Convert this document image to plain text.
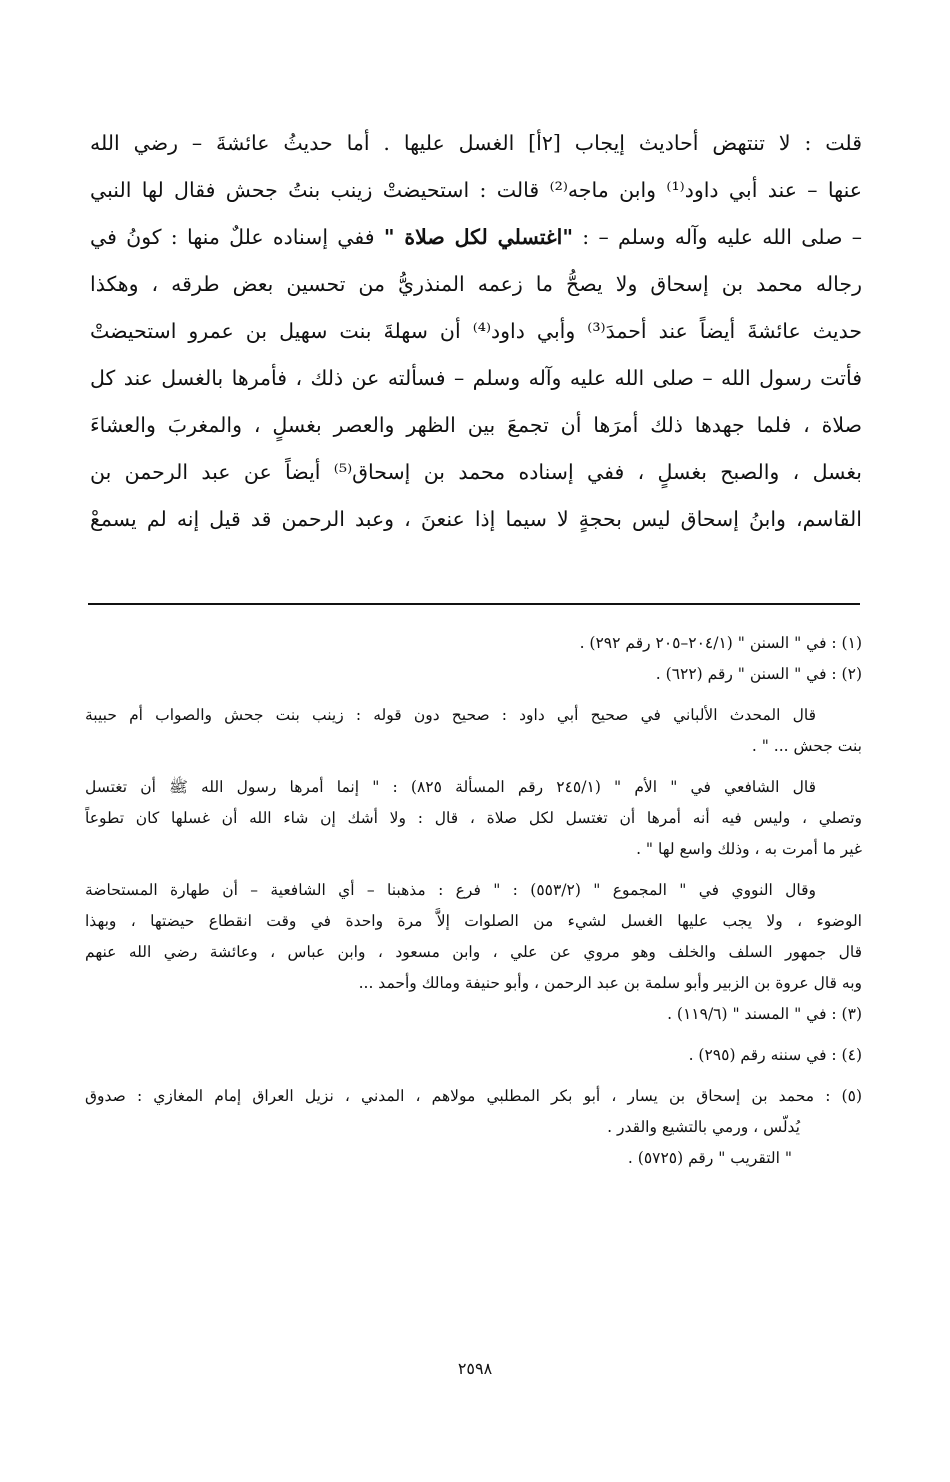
قلت : لا تنتهض أحاديث إيجاب [٢أ] الغسل عليها . أما حديثُ عائشةَ – رضي الله
عنها – عند أبي داود⁽¹⁾ وابن ماجه⁽²⁾ قالت : استحيضتْ زينب بنتُ جحش فقال لها النبي
– صلى الله عليه وآله وسلم – : "اغتسلي لكل صلاة " ففي إسناده عللٌ منها : كونُ في
رجاله محمد بن إسحاق ولا يصحُّ ما زعمه المنذريُّ من تحسين بعض طرقه ، وهكذا
حديث عائشةَ أيضاً عند أحمدَ⁽³⁾ وأبي داود⁽⁴⁾ أن سهلةَ بنت سهيل بن عمرو استحيضتْ
فأتت رسول الله – صلى الله عليه وآله وسلم – فسألته عن ذلك ، فأمرها بالغسل عند كل
صلاة ، فلما جهدها ذلك أمرَها أن تجمعَ بين الظهر والعصر بغسلٍ ، والمغربَ والعشاءَ
بغسل ، والصبح بغسلٍ ، ففي إسناده محمد بن إسحاق⁽⁵⁾ أيضاً عن عبد الرحمن بن
القاسم، وابنُ إسحاق ليس بحجةٍ لا سيما إذا عنعنَ ، وعبد الرحمن قد قيل إنه لم يسمعْ
(١) : في " السنن " (٢٠٤/١–٢٠٥ رقم ٢٩٢) .
(٢) : في " السنن " رقم (٦٢٢) .
قال المحدث الألباني في صحيح أبي داود : صحيح دون قوله : زينب بنت جحش والصواب أم حبيبة
بنت جحش ... " .
قال الشافعي في " الأم " (٢٤٥/١ رقم المسألة ٨٢٥) : " إنما أمرها رسول الله ﷺ أن تغتسل
وتصلي ، وليس فيه أنه أمرها أن تغتسل لكل صلاة ، قال : ولا أشك إن شاء الله أن غسلها كان تطوعاً
غير ما أمرت به ، وذلك واسع لها " .
وقال النووي في " المجموع " (٥٥٣/٢) : " فرع : مذهبنا – أي الشافعية – أن طهارة المستحاضة
الوضوء ، ولا يجب عليها الغسل لشيء من الصلوات إلاَّ مرة واحدة في وقت انقطاع حيضتها ، وبهذا
قال جمهور السلف والخلف وهو مروي عن علي ، وابن مسعود ، وابن عباس ، وعائشة رضي الله عنهم
وبه قال عروة بن الزبير وأبو سلمة بن عبد الرحمن ، وأبو حنيفة ومالك وأحمد ...
(٣) : في " المسند " (١١٩/٦) .
(٤) : في سننه رقم (٢٩٥) .
(٥) : محمد بن إسحاق بن يسار ، أبو بكر المطلبي مولاهم ، المدني ، نزيل العراق إمام المغازي : صدوق
يُدلّس ، ورمي بالتشيع والقدر .
" التقريب " رقم (٥٧٢٥) .
٢٥٩٨
